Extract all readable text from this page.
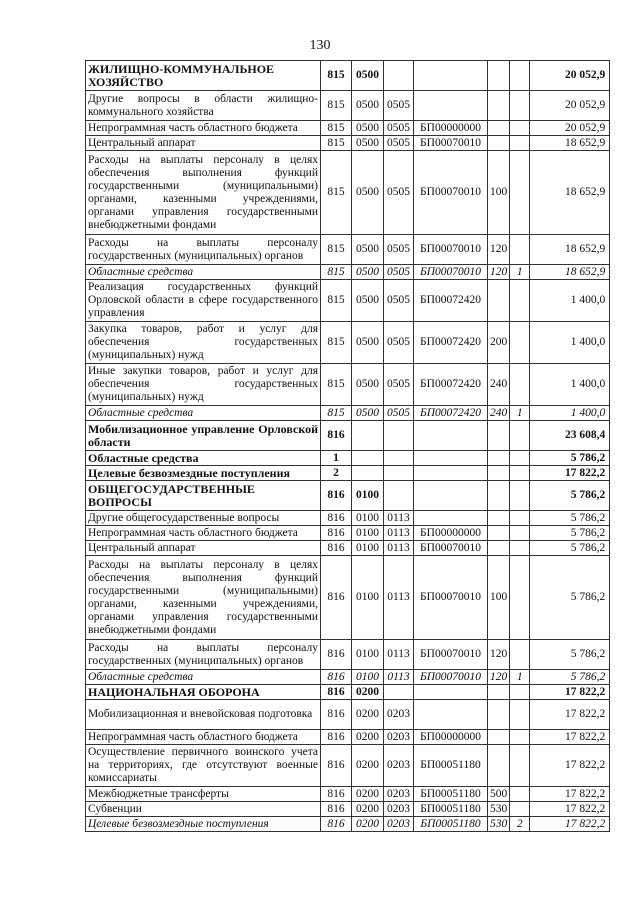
130
ЖИЛИЩНО-КОММУНАЛЬНОЕ ХОЗЯЙСТВО	815	0500					20 052,9
Другие вопросы в области жилищно-коммунального хозяйства	815	0500	0505				20 052,9
Непрограммная часть областного бюджета	815	0500	0505	БП00000000			20 052,9
Центральный аппарат	815	0500	0505	БП00070010			18 652,9
Расходы на выплаты персоналу в целях обеспечения выполнения функций государственными (муниципальными) органами, казенными учреждениями, органами управления государственными внебюджетными фондами	815	0500	0505	БП00070010	100		18 652,9
Расходы на выплаты персоналу государственных (муниципальных) органов	815	0500	0505	БП00070010	120		18 652,9
Областные средства	815	0500	0505	БП00070010	120	1	18 652,9
Реализация государственных функций Орловской области в сфере государственного управления	815	0500	0505	БП00072420			1 400,0
Закупка товаров, работ и услуг для обеспечения государственных (муниципальных) нужд	815	0500	0505	БП00072420	200		1 400,0
Иные закупки товаров, работ и услуг для обеспечения государственных (муниципальных) нужд	815	0500	0505	БП00072420	240		1 400,0
Областные средства	815	0500	0505	БП00072420	240	1	1 400,0
Мобилизационное управление Орловской области	816						23 608,4
Областные средства	1						5 786,2
Целевые безвозмездные поступления	2						17 822,2
ОБЩЕГОСУДАРСТВЕННЫЕ ВОПРОСЫ	816	0100					5 786,2
Другие общегосударственные вопросы	816	0100	0113				5 786,2
Непрограммная часть областного бюджета	816	0100	0113	БП00000000			5 786,2
Центральный аппарат	816	0100	0113	БП00070010			5 786,2
Расходы на выплаты персоналу в целях обеспечения выполнения функций государственными (муниципальными) органами, казенными учреждениями, органами управления государственными внебюджетными фондами	816	0100	0113	БП00070010	100		5 786,2
Расходы на выплаты персоналу государственных (муниципальных) органов	816	0100	0113	БП00070010	120		5 786,2
Областные средства	816	0100	0113	БП00070010	120	1	5 786,2
НАЦИОНАЛЬНАЯ ОБОРОНА	816	0200					17 822,2
Мобилизационная и вневойсковая подготовка	816	0200	0203				17 822,2
Непрограммная часть областного бюджета	816	0200	0203	БП00000000			17 822,2
Осуществление первичного воинского учета на территориях, где отсутствуют военные комиссариаты	816	0200	0203	БП00051180			17 822,2
Межбюджетные трансферты	816	0200	0203	БП00051180	500		17 822,2
Субвенции	816	0200	0203	БП00051180	530		17 822,2
Целевые безвозмездные поступления	816	0200	0203	БП00051180	530	2	17 822,2
